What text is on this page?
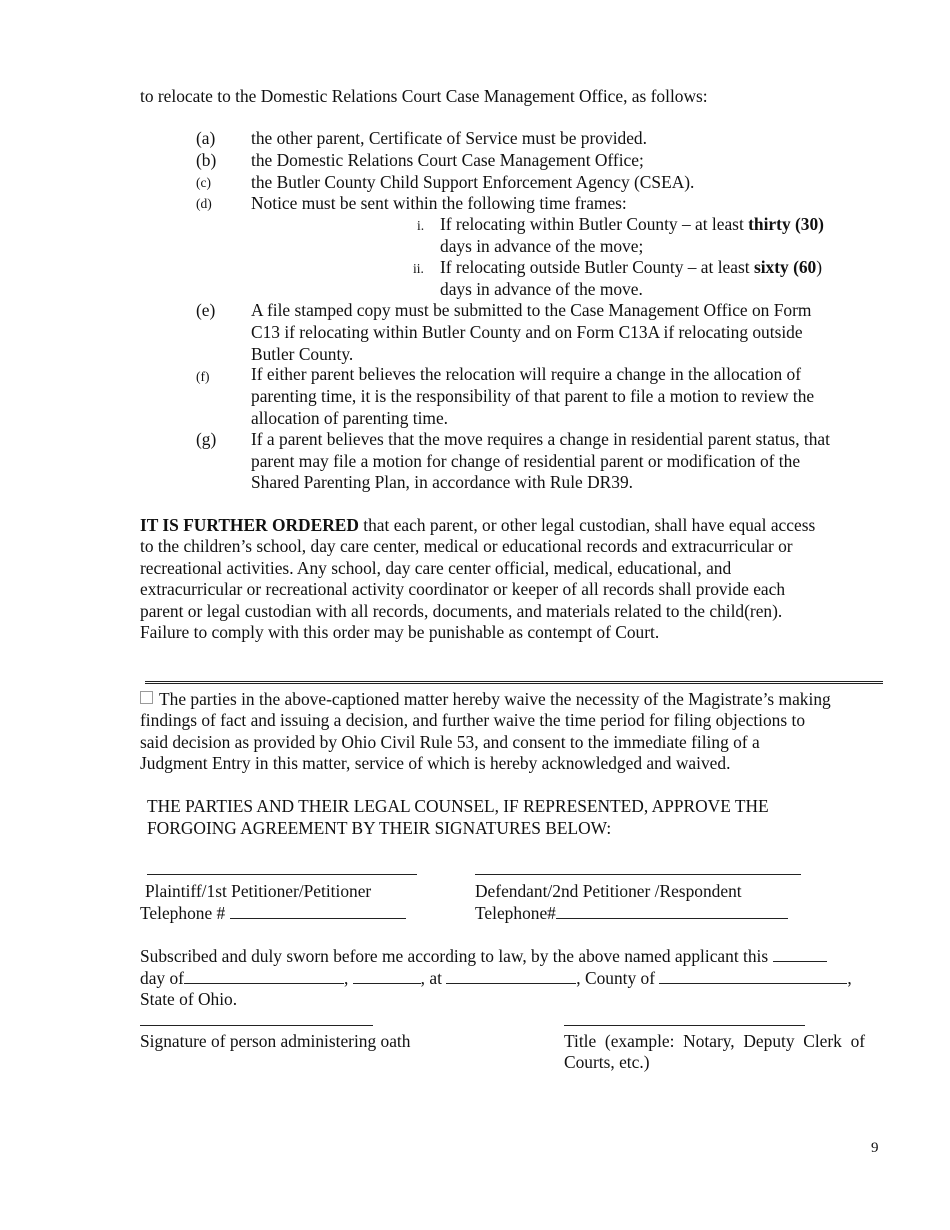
to relocate to the Domestic Relations Court Case Management Office, as follows:
(a) the other parent, Certificate of Service must be provided.
(b) the Domestic Relations Court Case Management Office;
(c) the Butler County Child Support Enforcement Agency (CSEA).
(d) Notice must be sent within the following time frames:
i. If relocating within Butler County – at least thirty (30)
days in advance of the move;
ii. If relocating outside Butler County – at least sixty (60)
days in advance of the move.
(e) A file stamped copy must be submitted to the Case Management Office on Form
C13 if relocating within Butler County and on Form C13A if relocating outside
Butler County.
(f) If either parent believes the relocation will require a change in the allocation of
parenting time, it is the responsibility of that parent to file a motion to review the
allocation of parenting time.
(g) If a parent believes that the move requires a change in residential parent status, that
parent may file a motion for change of residential parent or modification of the
Shared Parenting Plan, in accordance with Rule DR39.
IT IS FURTHER ORDERED that each parent, or other legal custodian, shall have equal access
to the children’s school, day care center, medical or educational records and extracurricular or
recreational activities. Any school, day care center official, medical, educational, and
extracurricular or recreational activity coordinator or keeper of all records shall provide each
parent or legal custodian with all records, documents, and materials related to the child(ren).
Failure to comply with this order may be punishable as contempt of Court.
The parties in the above-captioned matter hereby waive the necessity of the Magistrate’s making
findings of fact and issuing a decision, and further waive the time period for filing objections to
said decision as provided by Ohio Civil Rule 53, and consent to the immediate filing of a
Judgment Entry in this matter, service of which is hereby acknowledged and waived.
THE PARTIES AND THEIR LEGAL COUNSEL, IF REPRESENTED, APPROVE THE
FORGOING AGREEMENT BY THEIR SIGNATURES BELOW:
Plaintiff/1st Petitioner/Petitioner	Defendant/2nd Petitioner /Respondent
Telephone #	Telephone#
Subscribed and duly sworn before me according to law, by the above named applicant this
day of	,	, at	, County of	,
State of Ohio.
Signature of person administering oath	Title  (example:  Notary,  Deputy  Clerk  of
Courts, etc.)
9
